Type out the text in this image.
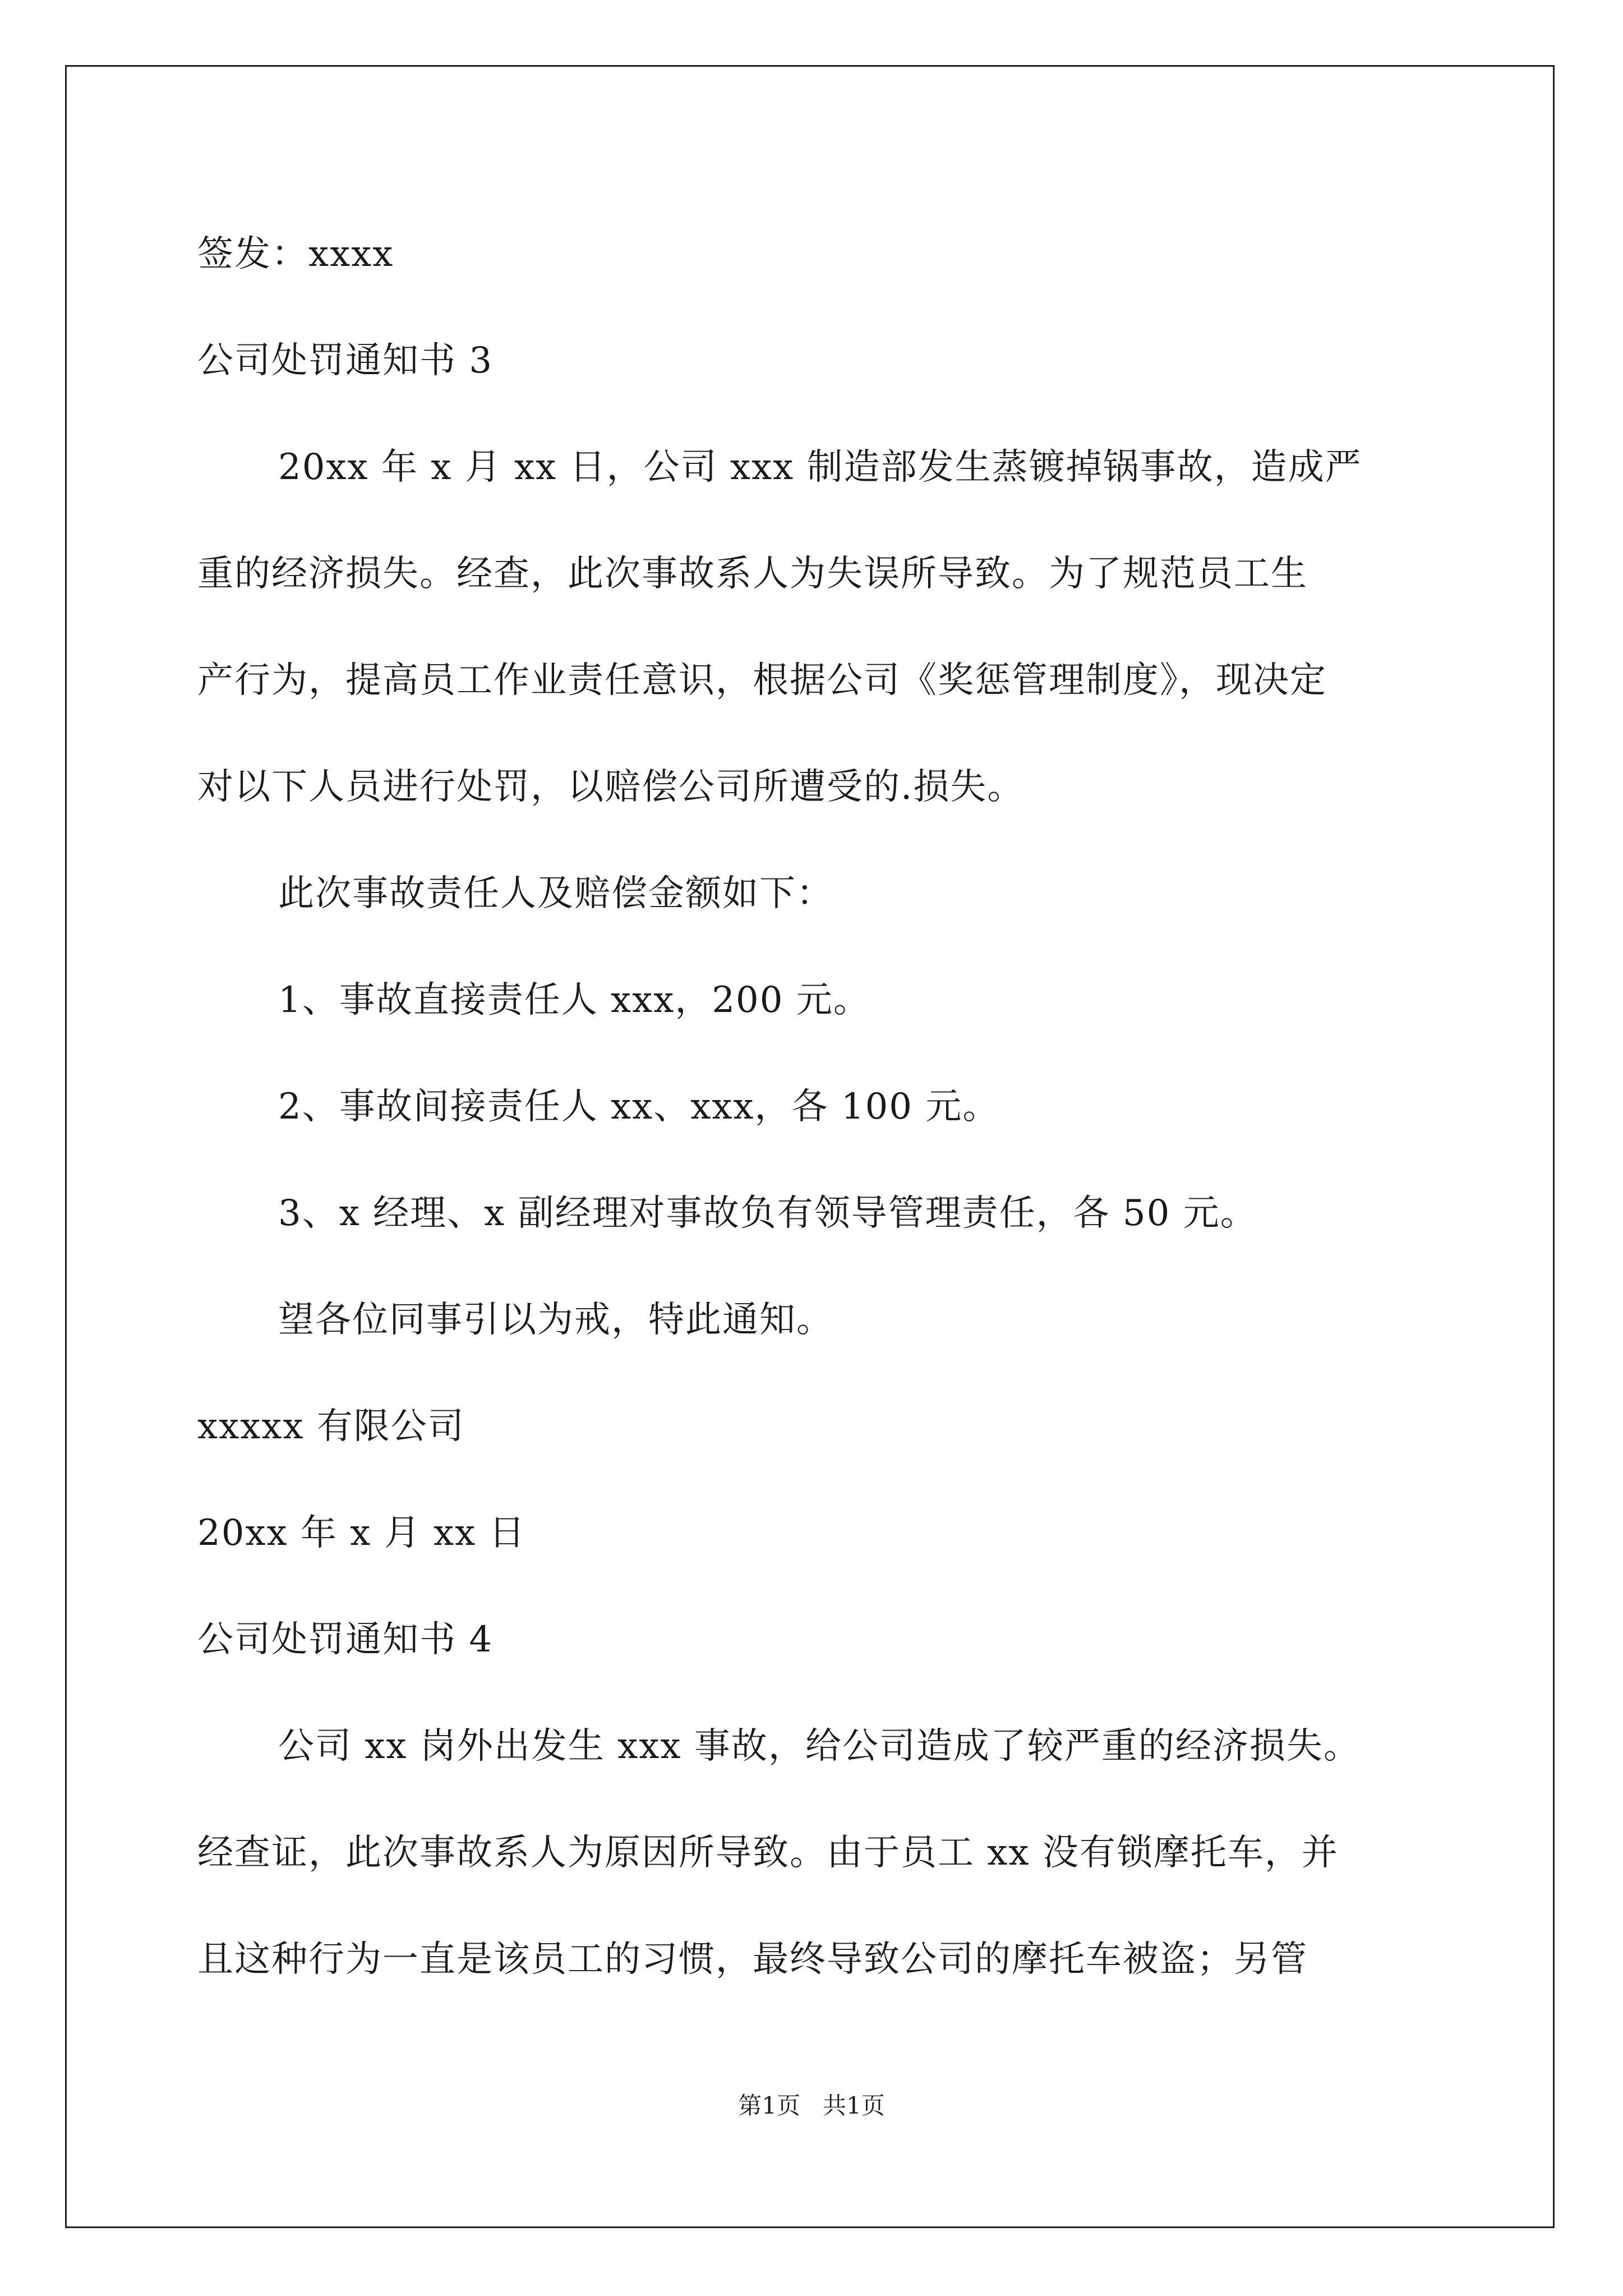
签发：xxxx
公司处罚通知书 3
20xx 年 x 月 xx 日，公司 xxx 制造部发生蒸镀掉锅事故，造成严
重的经济损失。经查，此次事故系人为失误所导致。为了规范员工生
产行为，提高员工作业责任意识，根据公司《奖惩管理制度》，现决定
对以下人员进行处罚，以赔偿公司所遭受的.损失。
此次事故责任人及赔偿金额如下：
1、事故直接责任人 xxx，200 元。
2、事故间接责任人 xx、xxx，各 100 元。
3、x 经理、x 副经理对事故负有领导管理责任，各 50 元。
望各位同事引以为戒，特此通知。
xxxxx 有限公司
20xx 年 x 月 xx 日
公司处罚通知书 4
公司 xx 岗外出发生 xxx 事故，给公司造成了较严重的经济损失。
经查证，此次事故系人为原因所导致。由于员工 xx 没有锁摩托车，并
且这种行为一直是该员工的习惯，最终导致公司的摩托车被盗；另管
第1页   共1页
